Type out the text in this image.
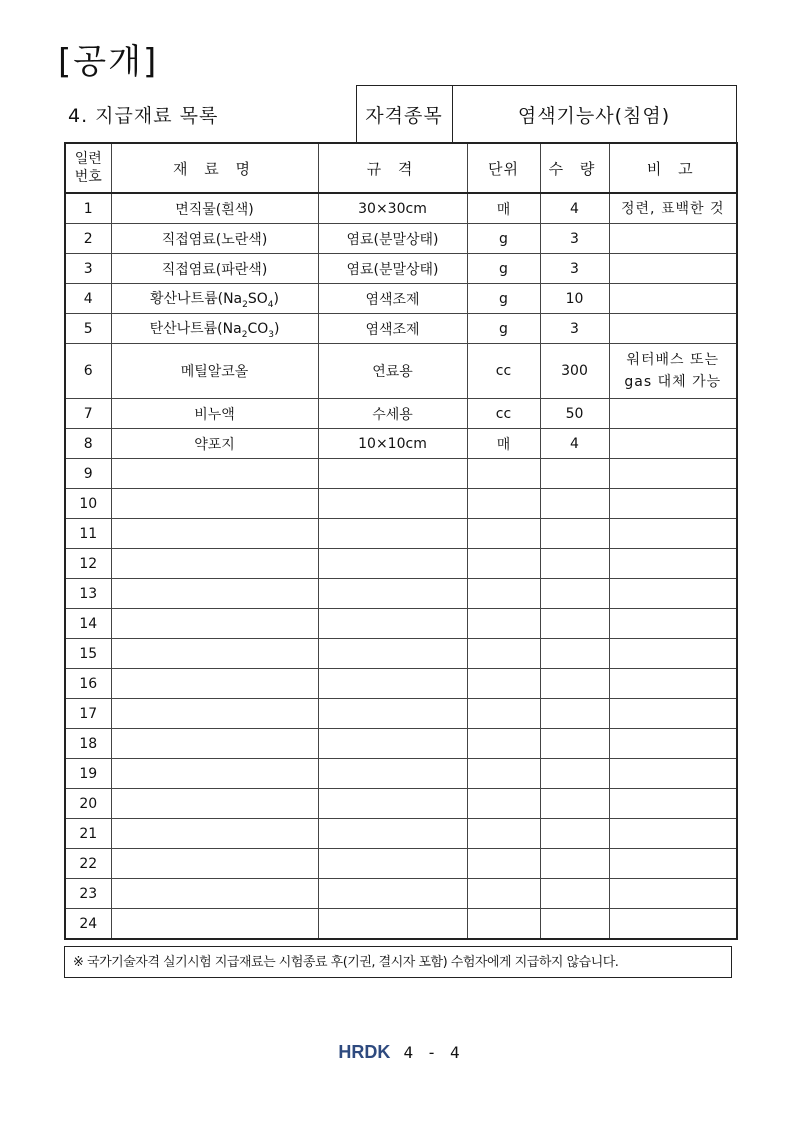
[공개]
4. 지급재료 목록	자격종목	염색기능사(침염)
일련
번호	재 료 명	규 격	단위	수 량	비 고
1	면직물(흰색)	30×30cm	매	4	정련, 표백한 것
2	직접염료(노란색)	염료(분말상태)	g	3	
3	직접염료(파란색)	염료(분말상태)	g	3	
4	황산나트륨$(Na_2SO_4)$	염색조제	g	10	
5	탄산나트륨$(Na_2CO_3)$	염색조제	g	3	
6	메틸알코올	연료용	cc	300	워터배스 또는
gas 대체 가능
7	비누액	수세용	cc	50	
8	약포지	10×10cm	매	4	
9					
10					
11					
12					
13					
14					
15					
16					
17					
18					
19					
20					
21					
22					
23					
24					
※ 국가기술자격 실기시험 지급재료는 시험종료 후(기권, 결시자 포함) 수험자에게 지급하지 않습니다.
HRDK 4 - 4
